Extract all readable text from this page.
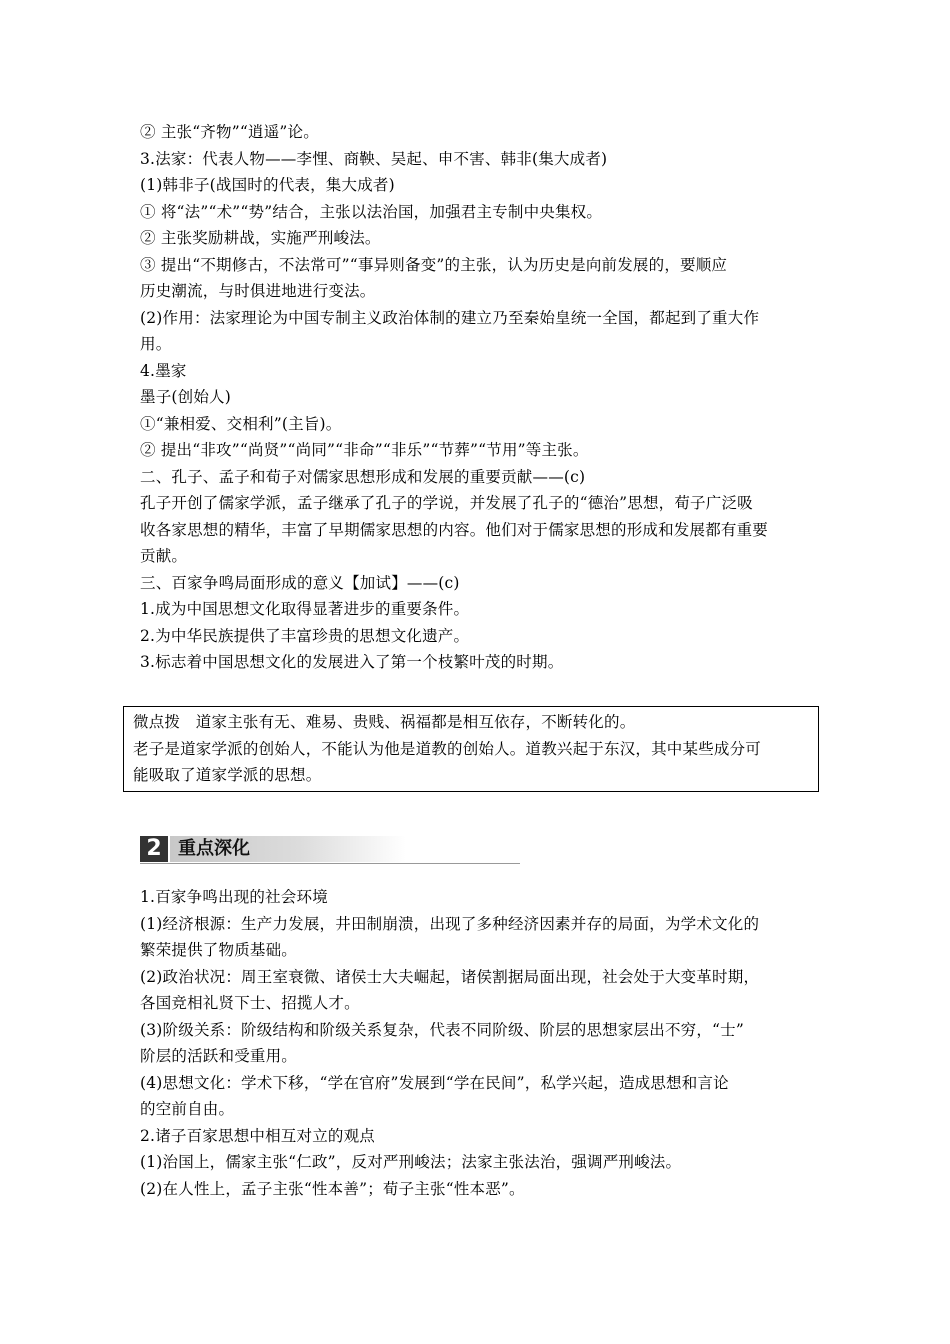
② 主张“齐物”“逍遥”论。
3.法家：代表人物——李悝、商鞅、吴起、申不害、韩非(集大成者)
(1)韩非子(战国时的代表，集大成者)
① 将“法”“术”“势”结合，主张以法治国，加强君主专制中央集权。
② 主张奖励耕战，实施严刑峻法。
③ 提出“不期修古，不法常可”“事异则备变”的主张，认为历史是向前发展的，要顺应
历史潮流，与时俱进地进行变法。
(2)作用：法家理论为中国专制主义政治体制的建立乃至秦始皇统一全国，都起到了重大作
用。
4.墨家
墨子(创始人)
①“兼相爱、交相利”(主旨)。
② 提出“非攻”“尚贤”“尚同”“非命”“非乐”“节葬”“节用”等主张。
二、孔子、孟子和荀子对儒家思想形成和发展的重要贡献——(c)
孔子开创了儒家学派，孟子继承了孔子的学说，并发展了孔子的“德治”思想，荀子广泛吸
收各家思想的精华，丰富了早期儒家思想的内容。他们对于儒家思想的形成和发展都有重要
贡献。
三、百家争鸣局面形成的意义【加试】——(c)
1.成为中国思想文化取得显著进步的重要条件。
2.为中华民族提供了丰富珍贵的思想文化遗产。
3.标志着中国思想文化的发展进入了第一个枝繁叶茂的时期。
微点拨　道家主张有无、难易、贵贱、祸福都是相互依存，不断转化的。
老子是道家学派的创始人，不能认为他是道教的创始人。道教兴起于东汉，其中某些成分可
能吸取了道家学派的思想。
2 重点深化
1.百家争鸣出现的社会环境
(1)经济根源：生产力发展，井田制崩溃，出现了多种经济因素并存的局面，为学术文化的
繁荣提供了物质基础。
(2)政治状况：周王室衰微、诸侯士大夫崛起，诸侯割据局面出现，社会处于大变革时期，
各国竞相礼贤下士、招揽人才。
(3)阶级关系：阶级结构和阶级关系复杂，代表不同阶级、阶层的思想家层出不穷，“士”
阶层的活跃和受重用。
(4)思想文化：学术下移，“学在官府”发展到“学在民间”，私学兴起，造成思想和言论
的空前自由。
2.诸子百家思想中相互对立的观点
(1)治国上，儒家主张“仁政”，反对严刑峻法；法家主张法治，强调严刑峻法。
(2)在人性上，孟子主张“性本善”；荀子主张“性本恶”。
